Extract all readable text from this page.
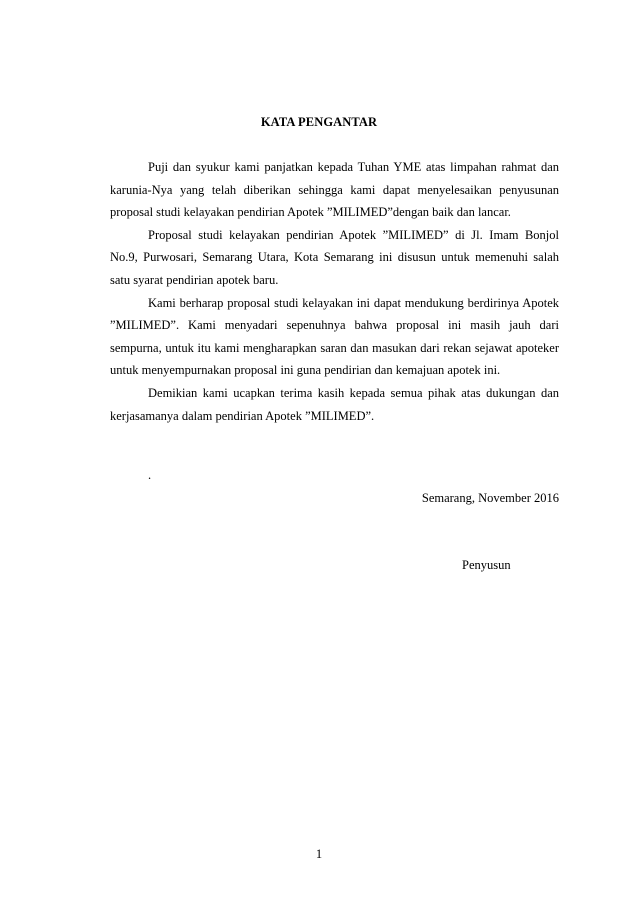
KATA PENGANTAR

Puji dan syukur kami panjatkan kepada Tuhan YME atas limpahan rahmat dan karunia-Nya yang telah diberikan sehingga kami dapat menyelesaikan penyusunan proposal studi kelayakan pendirian Apotek ”MILIMED”dengan baik dan lancar.

Proposal studi kelayakan pendirian Apotek ”MILIMED” di Jl. Imam Bonjol No.9, Purwosari, Semarang Utara, Kota Semarang ini disusun untuk memenuhi salah satu syarat pendirian apotek baru.

Kami berharap proposal studi kelayakan ini dapat mendukung berdirinya Apotek ”MILIMED”. Kami menyadari sepenuhnya bahwa proposal ini masih jauh dari sempurna, untuk itu kami mengharapkan saran dan masukan dari rekan sejawat apoteker untuk menyempurnakan proposal ini guna pendirian dan kemajuan apotek ini.

Demikian kami ucapkan terima kasih kepada semua pihak atas dukungan dan kerjasamanya dalam pendirian Apotek ”MILIMED”.

.
Semarang, November 2016
Penyusun
1
